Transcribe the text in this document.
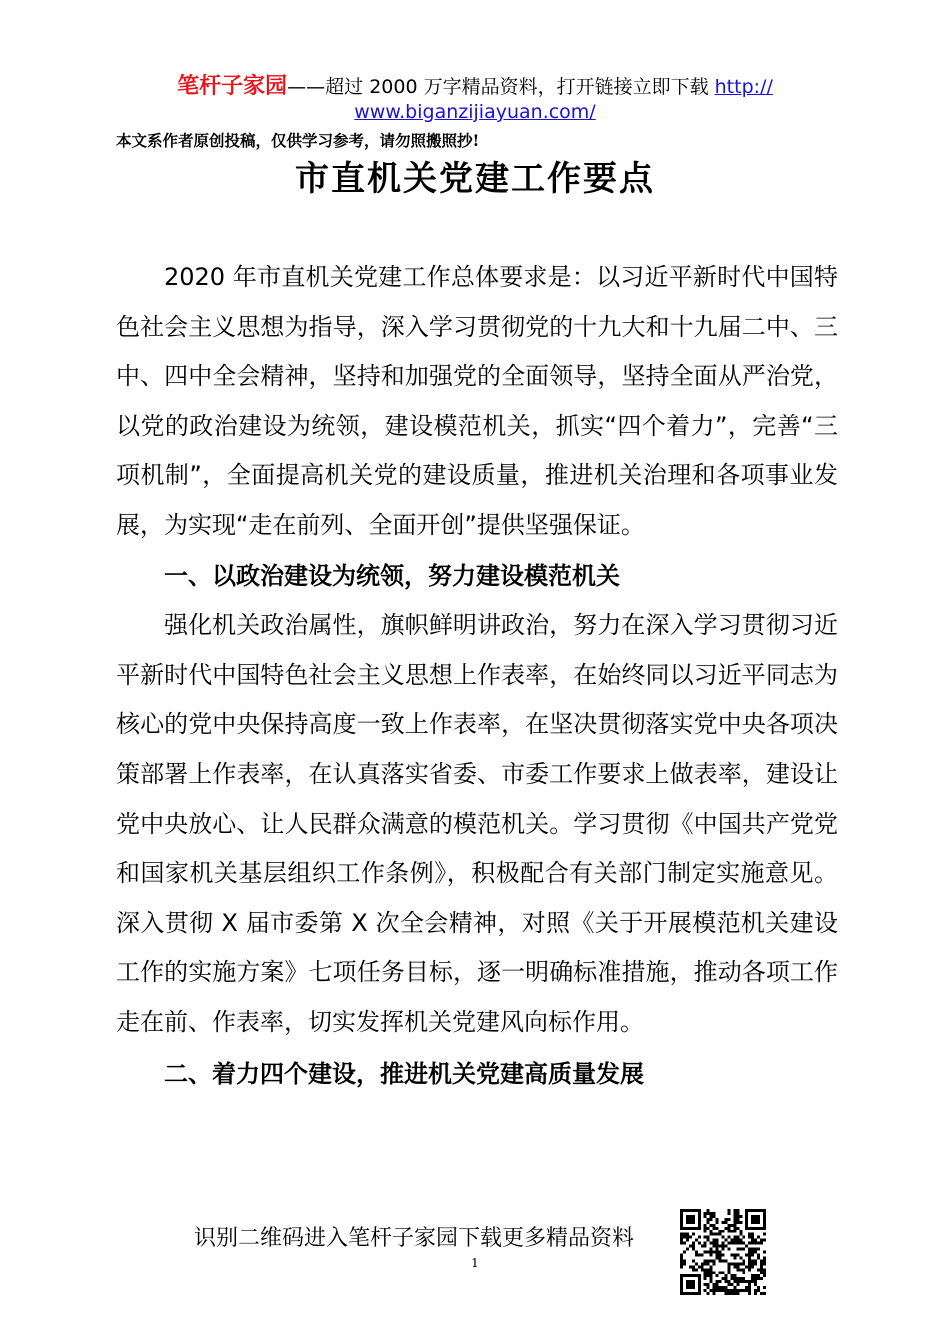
笔杆子家园——超过 2000 万字精品资料，打开链接立即下载 http://
www.biganzijiayuan.com/
本文系作者原创投稿，仅供学习参考，请勿照搬照抄!
市直机关党建工作要点

2020 年市直机关党建工作总体要求是：以习近平新时代中国特色社会主义思想为指导，深入学习贯彻党的十九大和十九届二中、三中、四中全会精神，坚持和加强党的全面领导，坚持全面从严治党，以党的政治建设为统领，建设模范机关，抓实“四个着力”，完善“三项机制”，全面提高机关党的建设质量，推进机关治理和各项事业发展，为实现“走在前列、全面开创”提供坚强保证。

一、以政治建设为统领，努力建设模范机关

强化机关政治属性，旗帜鲜明讲政治，努力在深入学习贯彻习近平新时代中国特色社会主义思想上作表率，在始终同以习近平同志为核心的党中央保持高度一致上作表率，在坚决贯彻落实党中央各项决策部署上作表率，在认真落实省委、市委工作要求上做表率，建设让党中央放心、让人民群众满意的模范机关。学习贯彻《中国共产党党和国家机关基层组织工作条例》，积极配合有关部门制定实施意见。深入贯彻 X 届市委第 X 次全会精神，对照《关于开展模范机关建设工作的实施方案》七项任务目标，逐一明确标准措施，推动各项工作走在前、作表率，切实发挥机关党建风向标作用。

二、着力四个建设，推进机关党建高质量发展
识别二维码进入笔杆子家园下载更多精品资料
1
